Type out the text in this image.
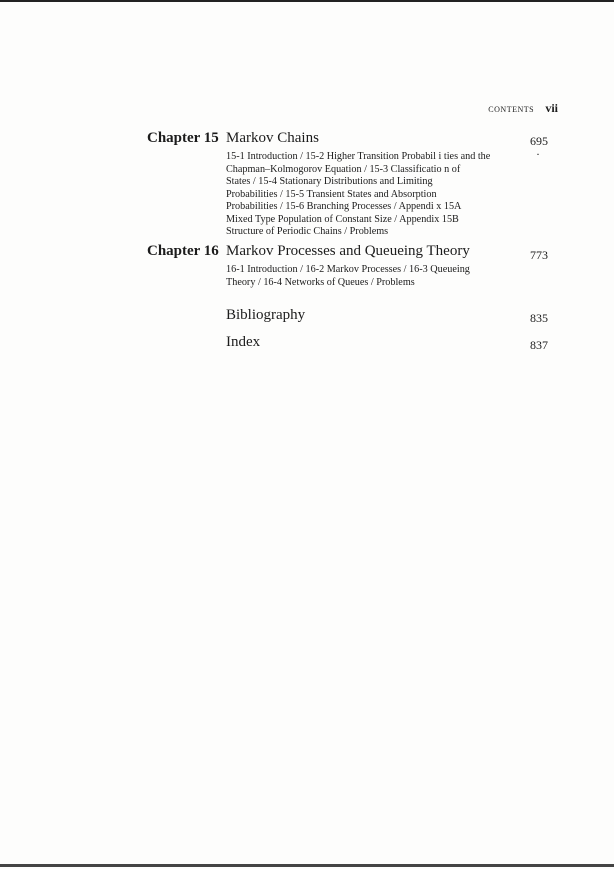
CONTENTS vii
Chapter 15 Markov Chains	695
·
15-1 Introduction / 15-2 Higher Transition Probabil i ties and the
Chapman–Kolmogorov Equation / 15-3 Classificatio n of
States / 15-4 Stationary Distributions and Limiting
Probabilities / 15-5 Transient States and Absorption
Probabilities / 15-6 Branching Processes / Appendi x 15A
Mixed Type Population of Constant Size / Appendix 15B
Structure of Periodic Chains / Problems
Chapter 16 Markov Processes and Queueing Theory	773
16-1 Introduction / 16-2 Markov Processes / 16-3 Queueing
Theory / 16-4 Networks of Queues / Problems
Bibliography	835
Index	837
